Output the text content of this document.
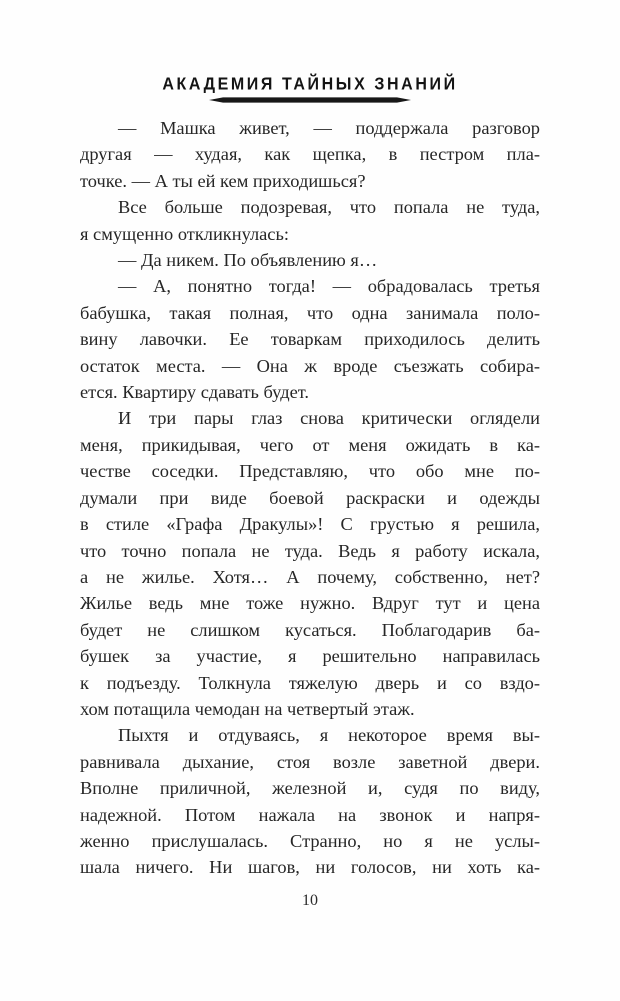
АКАДЕМИЯ ТАЙНЫХ ЗНАНИЙ
— Машка живет, — поддержала разговор
другая — худая, как щепка, в пестром пла-
точке. — А ты ей кем приходишься?
Все больше подозревая, что попала не туда,
я смущенно откликнулась:
— Да никем. По объявлению я…
— А, понятно тогда! — обрадовалась третья
бабушка, такая полная, что одна занимала поло-
вину лавочки. Ее товаркам приходилось делить
остаток места. — Она ж вроде съезжать собира-
ется. Квартиру сдавать будет.
И три пары глаз снова критически оглядели
меня, прикидывая, чего от меня ожидать в ка-
честве соседки. Представляю, что обо мне по-
думали при виде боевой раскраски и одежды
в стиле «Графа Дракулы»! С грустью я решила,
что точно попала не туда. Ведь я работу искала,
а не жилье. Хотя… А почему, собственно, нет?
Жилье ведь мне тоже нужно. Вдруг тут и цена
будет не слишком кусаться. Поблагодарив ба-
бушек за участие, я решительно направилась
к подъезду. Толкнула тяжелую дверь и со вздо-
хом потащила чемодан на четвертый этаж.
Пыхтя и отдуваясь, я некоторое время вы-
равнивала дыхание, стоя возле заветной двери.
Вполне приличной, железной и, судя по виду,
надежной. Потом нажала на звонок и напря-
женно прислушалась. Странно, но я не услы-
шала ничего. Ни шагов, ни голосов, ни хоть ка-
10
